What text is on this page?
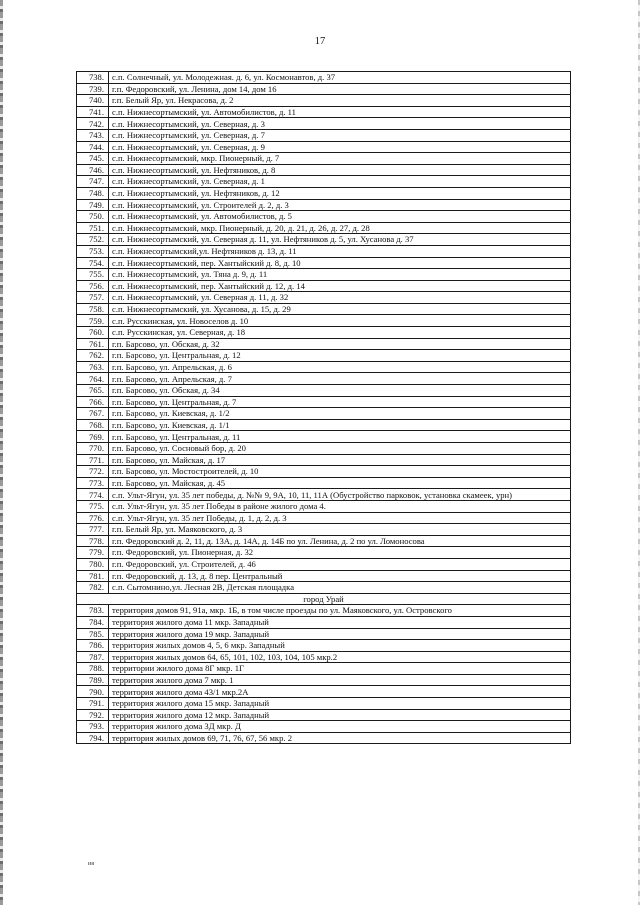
17
738.	с.п. Солнечный, ул. Молодежная. д. 6, ул. Космонавтов, д. 37
739.	г.п. Федоровский, ул. Ленина, дом 14, дом 16
740.	г.п. Белый Яр, ул. Некрасова, д. 2
741.	с.п. Нижнесортымский, ул. Автомобилистов, д. 11
742.	с.п. Нижнесортымский, ул. Северная, д. 3
743.	с.п. Нижнесортымский, ул. Северная, д. 7
744.	с.п. Нижнесортымский, ул. Северная, д. 9
745.	с.п. Нижнесортымский, мкр. Пионерный, д. 7
746.	с.п. Нижнесортымский, ул. Нефтяников, д. 8
747.	с.п. Нижнесортымский, ул. Северная, д. 1
748.	с.п. Нижнесортымский, ул. Нефтяников, д. 12
749.	с.п. Нижнесортымский, ул. Строителей д. 2, д. 3
750.	с.п. Нижнесортымский, ул. Автомобилистов, д. 5
751.	с.п. Нижнесортымский, мкр. Пионерный, д. 20, д. 21, д. 26, д. 27, д. 28
752.	с.п. Нижнесортымский, ул. Северная д. 11, ул. Нефтяников д. 5, ул. Хусанова д. 37
753.	с.п. Нижнесортымский,ул. Нефтяников д. 13, д. 11
754.	с.п. Нижнесортымский, пер. Хантыйский д. 8, д. 10
755.	с.п. Нижнесортымский, ул. Тяна д. 9, д. 11
756.	с.п. Нижнесортымский, пер. Хантыйский д. 12, д. 14
757.	с.п. Нижнесортымский, ул. Северная д. 11, д. 32
758.	с.п. Нижнесортымский, ул. Хусанова, д. 15, д. 29
759.	с.п. Русскинская, ул. Новоселов д. 10
760.	с.п. Русскинская, ул. Северная, д. 18
761.	г.п. Барсово, ул. Обская, д. 32
762.	г.п. Барсово, ул. Центральная, д. 12
763.	г.п. Барсово, ул. Апрельская, д. 6
764.	г.п. Барсово, ул. Апрельская, д. 7
765.	г.п. Барсово, ул. Обская, д. 34
766.	г.п. Барсово, ул. Центральная, д. 7
767.	г.п. Барсово, ул. Киевская, д. 1/2
768.	г.п. Барсово, ул. Киевская, д. 1/1
769.	г.п. Барсово, ул. Центральная, д. 11
770.	г.п. Барсово, ул. Сосновый бор, д. 20
771.	г.п. Барсово, ул. Майская, д. 17
772.	г.п. Барсово, ул. Мостостроителей, д. 10
773.	г.п. Барсово, ул. Майская, д. 45
774.	с.п. Ульт-Ягун, ул. 35 лет победы, д. №№ 9, 9А, 10, 11, 11А (Обустройство парковок, установка скамеек, урн)
775.	с.п. Ульт-Ягун, ул. 35 лет Победы в районе жилого дома 4.
776.	с.п. Ульт-Ягун, ул. 35 лет Победы, д. 1, д. 2, д. 3
777.	г.п. Белый Яр, ул. Маяковского, д. 3
778.	г.п. Федоровский д. 2, 11, д. 13А, д. 14А, д. 14Б по ул. Ленина, д. 2 по ул. Ломоносова
779.	г.п. Федоровский, ул. Пионерная, д. 32
780.	г.п. Федоровский, ул. Строителей, д. 46
781.	г.п. Федоровский, д. 13, д. 8 пер. Центральный
782.	с.п. Сытомнино,ул. Лесная 2В, Детская площадка
город Урай	
783.	территория домов 91, 91а, мкр. 1Б, в том числе проезды по ул. Маяковского, ул. Островского
784.	территория жилого дома 11 мкр. Западный
785.	территория жилого дома 19 мкр. Западный
786.	территория жилых домов 4, 5, 6 мкр. Западный
787.	территория жилых домов 64, 65, 101, 102, 103, 104, 105 мкр.2
788.	территории жилого дома 8Г мкр. 1Г
789.	территория жилого дома 7 мкр. 1
790.	территория жилого дома 43/1 мкр.2А
791.	территория жилого дома 15 мкр. Западный
792.	территория жилого дома 12 мкр. Западный
793.	территория жилого дома 3Д мкр. Д
794.	территория жилых домов 69, 71, 76, 67, 56 мкр. 2
ия
